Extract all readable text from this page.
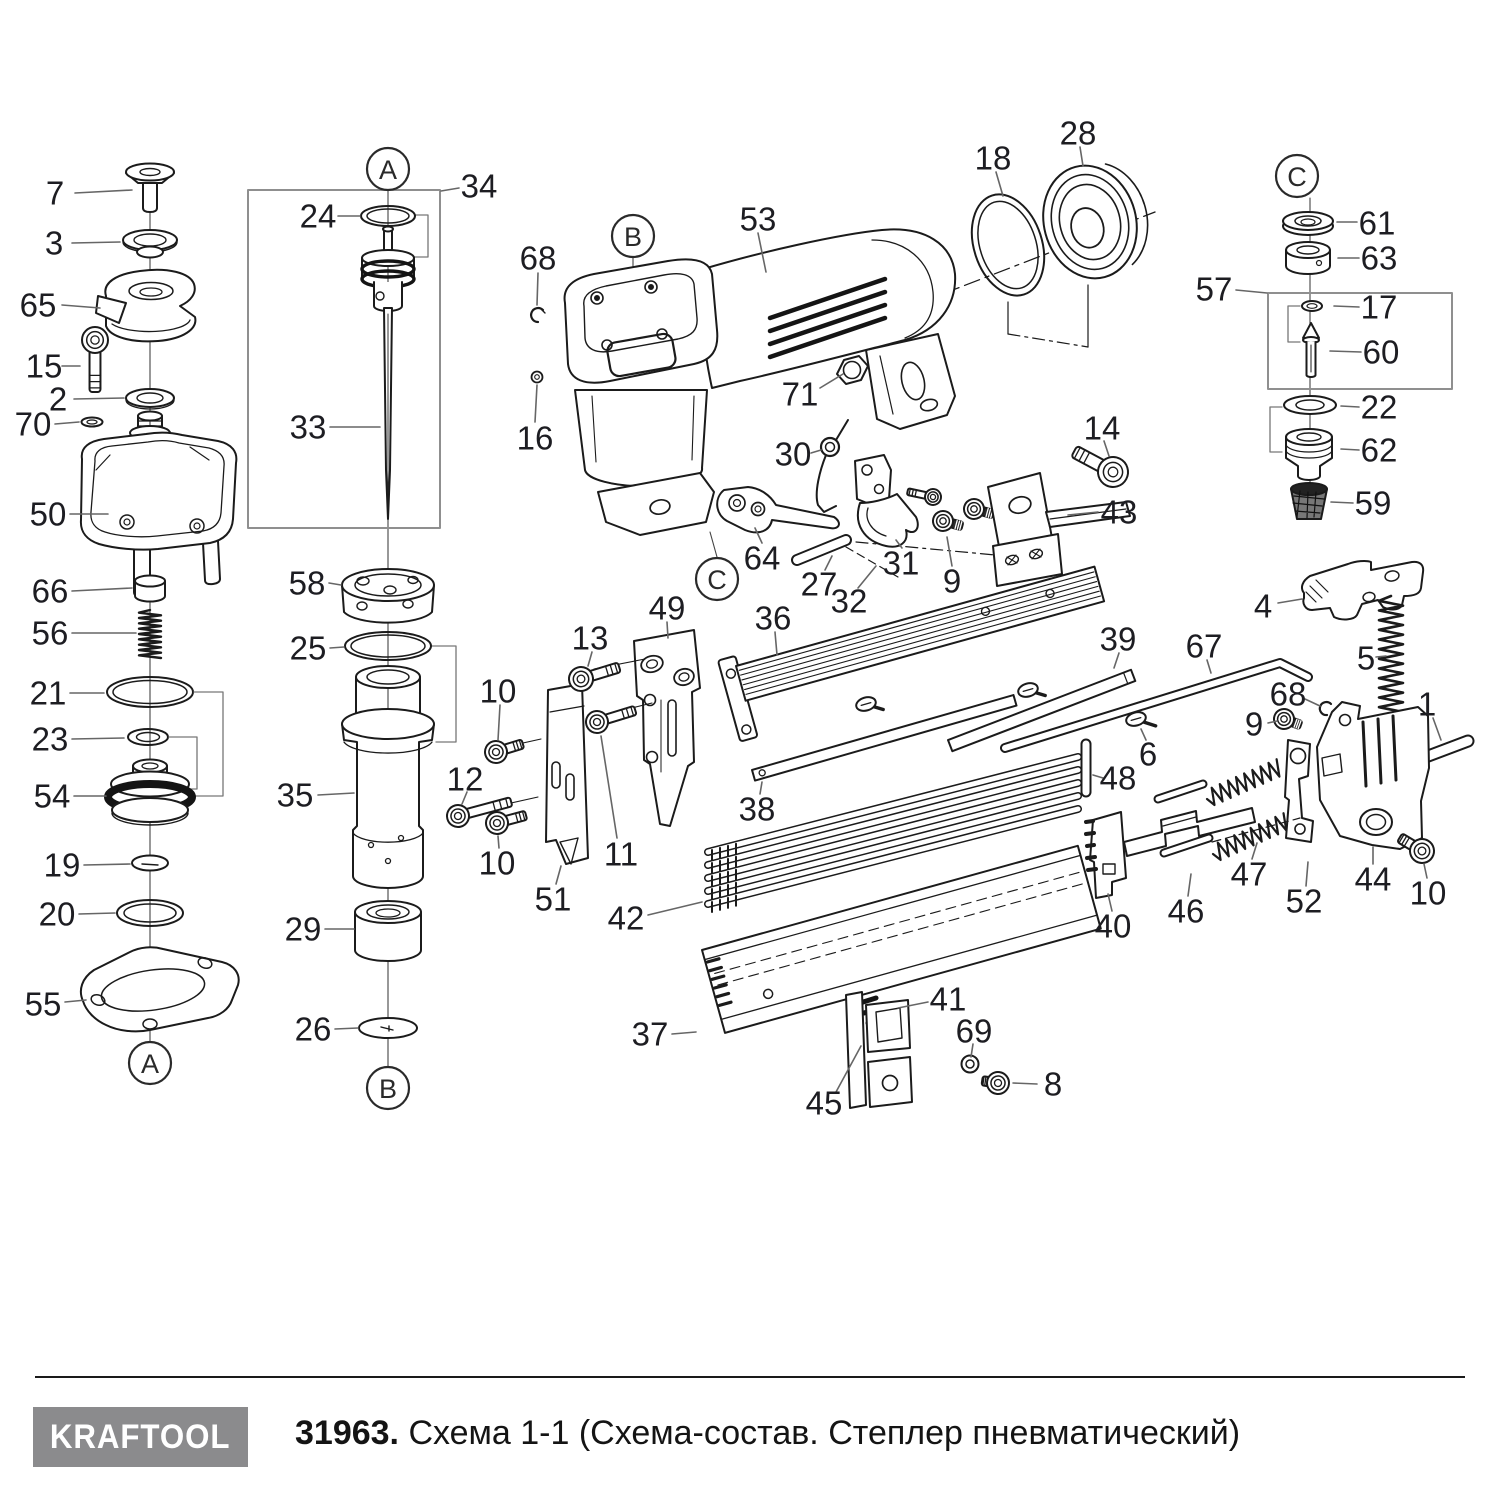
7
3
65
15
2
70
50
66
56
21
23
54
19
20
55
34
24
33
58
25
35
29
26
68
53
16
71
30
64
27
32
31 9
43
14
18
28
61
63
57	17
60
22
62
59
4
5
67
68
9
1
49
13
10
12
10
51
11
36
38
39
6
48
42
37
45
41
69
8
40 46
47
52
44 10
A
A
B
B
C
C
KRAFTOOL 31963. Схема 1-1 (Схема-состав. Степлер пневматический)
